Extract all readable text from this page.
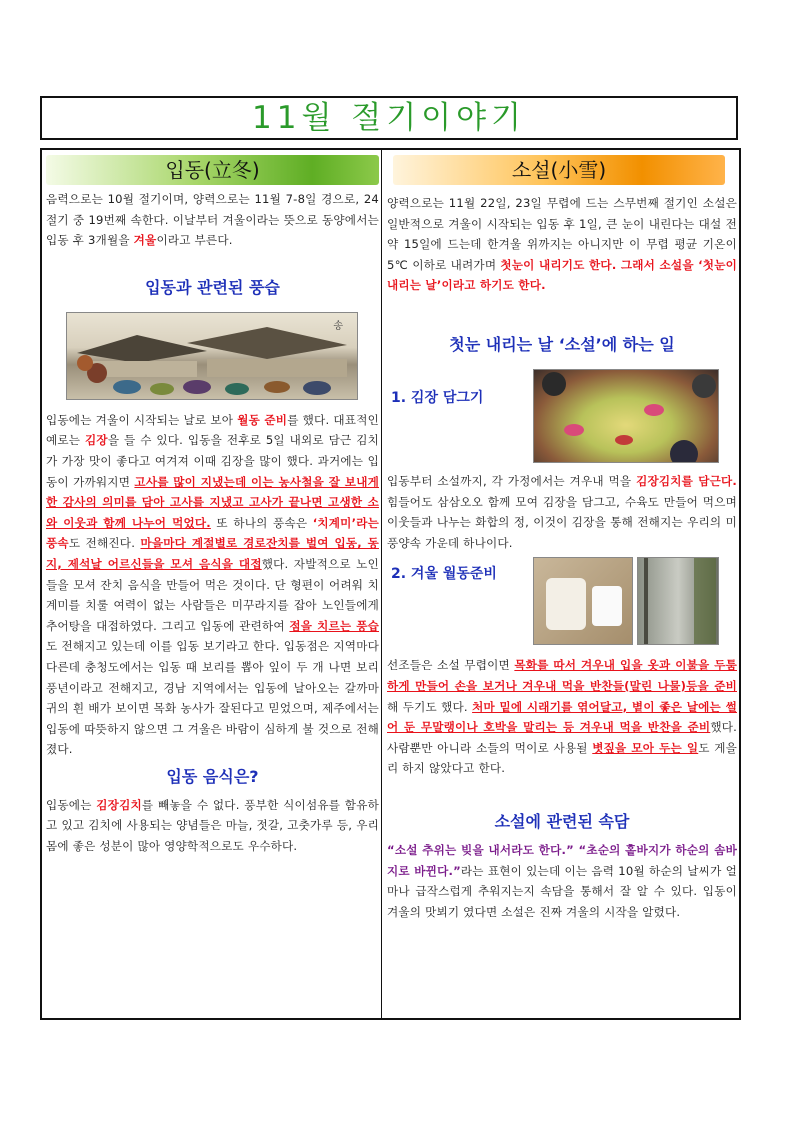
11월 절기이야기
입동(立冬)

음력으로는 10월 절기이며, 양력으로는 11월 7-8일 경으로, 24절기 중 19번째 속한다. 이날부터 겨울이라는 뜻으로 동양에서는 입동 후 3개월을 겨울이라고 부른다.

입동과 관련된 풍습
송

입동에는 겨울이 시작되는 날로 보아 월동 준비를 했다. 대표적인 예로는 김장을 들 수 있다. 입동을 전후로 5일 내외로 담근 김치가 가장 맛이 좋다고 여겨져 이때 김장을 많이 했다. 과거에는 입동이 가까워지면 고사를 많이 지냈는데 이는 농사철을 잘 보내게 한 감사의 의미를 담아 고사를 지냈고 고사가 끝나면 고생한 소와 이웃과 함께 나누어 먹었다. 또 하나의 풍속은 ‘치계미’라는 풍속도 전해진다. 마을마다 계절별로 경로잔치를 벌여 입동, 동지, 제석날 어르신들을 모셔 음식을 대접했다. 자발적으로 노인들을 모셔 잔치 음식을 만들어 먹은 것이다. 단 형편이 어려워 치계미를 치룰 여력이 없는 사람들은 미꾸라지를 잡아 노인들에게 추어탕을 대접하였다. 그리고 입동에 관련하여 점을 치르는 풍습도 전해지고 있는데 이를 입동 보기라고 한다. 입동점은 지역마다 다른데 충청도에서는 입동 때 보리를 뽑아 잎이 두 개 나면 보리 풍년이라고 전해지고, 경남 지역에서는 입동에 날아오는 갈까마귀의 흰 배가 보이면 목화 농사가 잘된다고 믿었으며, 제주에서는 입동에 따뜻하지 않으면 그 겨울은 바람이 심하게 불 것으로 전해졌다.

입동 음식은?

입동에는 김장김치를 빼놓을 수 없다. 풍부한 식이섬유를 함유하고 있고 김치에 사용되는 양념들은 마늘, 젓갈, 고춧가루 등, 우리 몸에 좋은 성분이 많아 영양학적으로도 우수하다.

소설(小雪)

양력으로는 11월 22일, 23일 무렵에 드는 스무번째 절기인 소설은 일반적으로 겨울이 시작되는 입동 후 1일, 큰 눈이 내린다는 대설 전 약 15일에 드는데 한겨울 위까지는 아니지만 이 무렵 평균 기온이 5℃ 이하로 내려가며 첫눈이 내리기도 한다. 그래서 소설을 ‘첫눈이 내리는 날’이라고 하기도 한다.

첫눈 내리는 날 ‘소설’에 하는 일
1. 김장 담그기

입동부터 소설까지, 각 가정에서는 겨우내 먹을 김장김치를 담근다. 힘들어도 삼삼오오 함께 모여 김장을 담그고, 수육도 만들어 먹으며 이웃들과 나누는 화합의 정, 이것이 김장을 통해 전해지는 우리의 미풍양속 가운데 하나이다.

2. 겨울 월동준비

선조들은 소설 무렵이면 목화를 따서 겨우내 입을 옷과 이불을 두툼하게 만들어 손을 보거나 겨우내 먹을 반찬들(말린 나물)등을 준비해 두기도 했다. 처마 밑에 시래기를 엮어달고, 볕이 좋은 날에는 썰어 둔 무말랭이나 호박을 말리는 등 겨우내 먹을 반찬을 준비했다. 사람뿐만 아니라 소들의 먹이로 사용될 볏짚을 모아 두는 일도 게을리 하지 않았다고 한다.

소설에 관련된 속담

“소설 추위는 빚을 내서라도 한다.” “초순의 홑바지가 하순의 솜바지로 바뀐다.”라는 표현이 있는데 이는 음력 10월 하순의 날씨가 얼마나 급작스럽게 추워지는지 속담을 통해서 잘 알 수 있다. 입동이 겨울의 맛뵈기 였다면 소설은 진짜 겨울의 시작을 알렸다.
